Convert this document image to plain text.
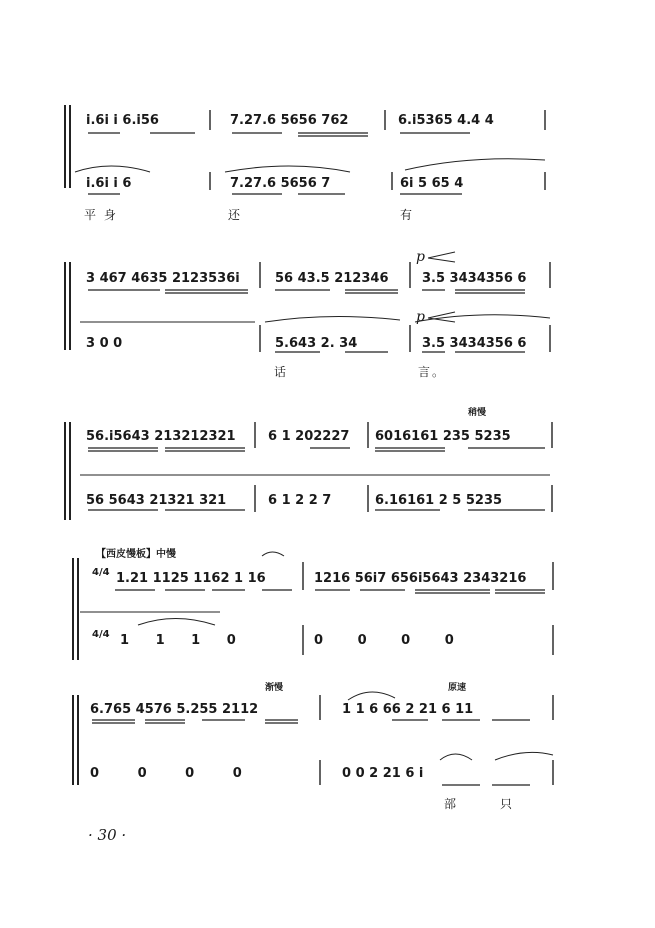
i.6i i 6.i56	7.27.6 5656 762	6.i5365 4.4 4
i.6i i 6	7.27.6 5656 7	6i 5 65 4
平 身	还	有
3 467 4635 2123536i	56 43.5 212346	3.5 3434356 6
3 0 0	5.643 2. 34	3.5 3434356 6
p
p
话	言。
稍慢
56.i5643 213212321 6 1 202227 6016161 235 5235
56 5643 21321 321	6 1 2 2 7	6.16161 2 5 5235
【西皮慢板】中慢
4/4 1.21 1125 1162 1 16	1216 56i7 656i5643 2343216
4/4 1 1 1 0	0 0 0 0
渐慢	原速
6.765 4576 5.255 2112	1 1 6 66 2 21 6 11
0 0 0 0	0 0 2 21 6 i
部	只
· 30 ·
